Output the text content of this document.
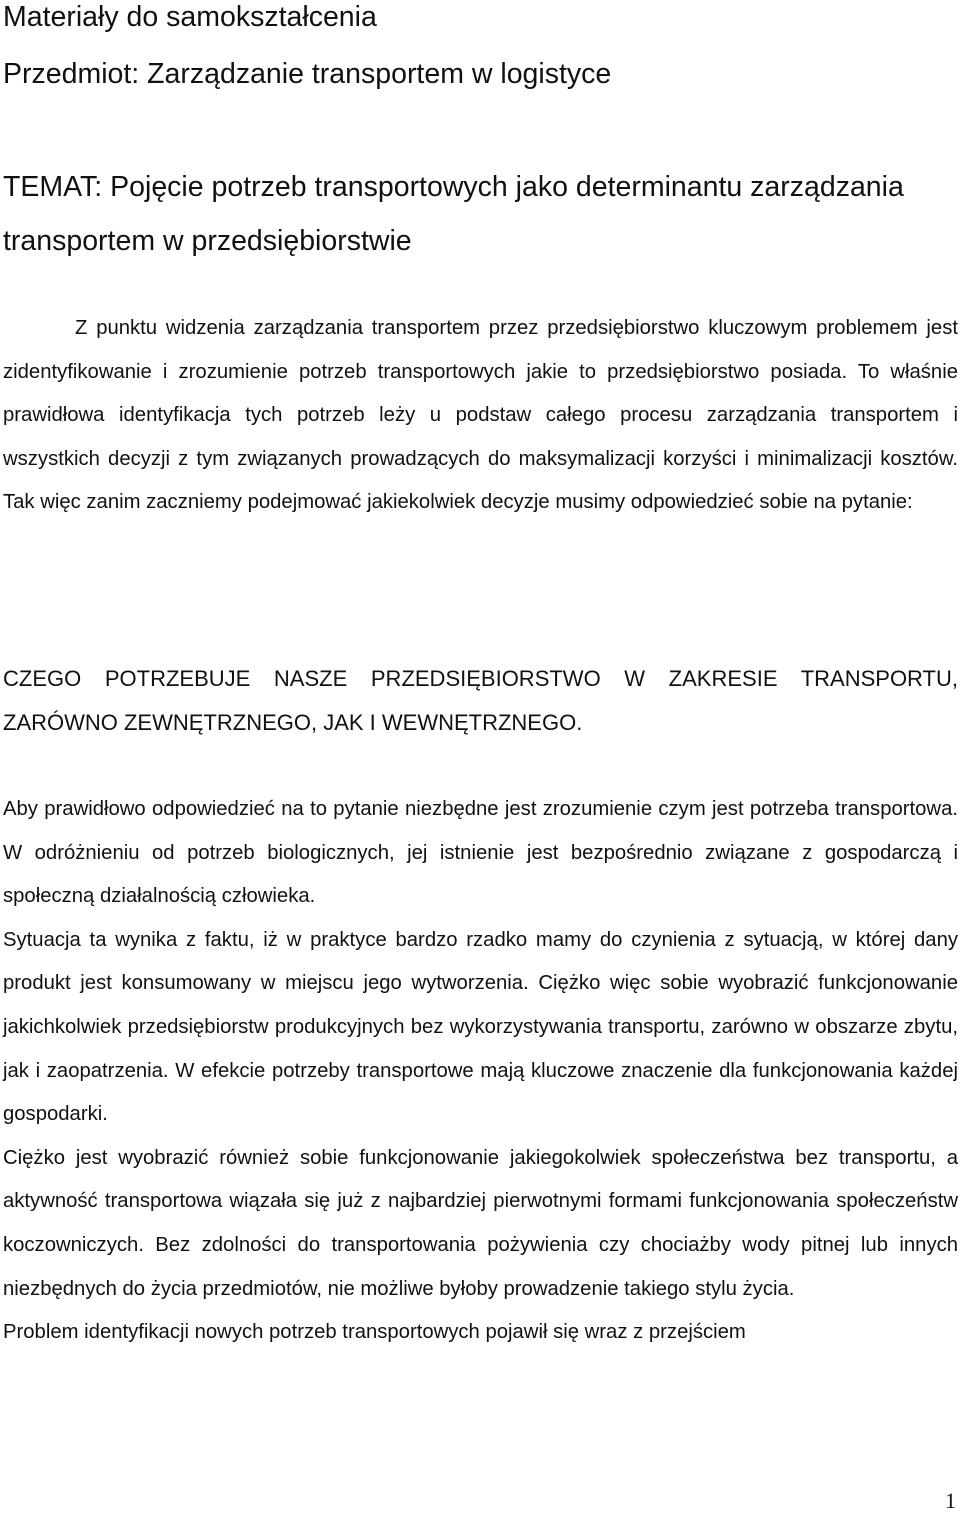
Materiały do samokształcenia
Przedmiot: Zarządzanie transportem w logistyce
TEMAT: Pojęcie potrzeb transportowych jako determinantu zarządzania transportem w przedsiębiorstwie

Z punktu widzenia zarządzania transportem przez przedsiębiorstwo kluczowym problemem jest zidentyfikowanie i zrozumienie potrzeb transportowych jakie to przedsiębiorstwo posiada. To właśnie prawidłowa identyfikacja tych potrzeb leży u podstaw całego procesu zarządzania transportem i wszystkich decyzji z tym związanych prowadzących do maksymalizacji korzyści i minimalizacji kosztów. Tak więc zanim zaczniemy podejmować jakiekolwiek decyzje musimy odpowiedzieć sobie na pytanie:

CZEGO POTRZEBUJE NASZE PRZEDSIĘBIORSTWO W ZAKRESIE TRANSPORTU, ZARÓWNO ZEWNĘTRZNEGO, JAK I WEWNĘTRZNEGO.

Aby prawidłowo odpowiedzieć na to pytanie niezbędne jest zrozumienie czym jest potrzeba transportowa. W odróżnieniu od potrzeb biologicznych, jej istnienie jest bezpośrednio związane z gospodarczą i społeczną działalnością człowieka.

Sytuacja ta wynika z faktu, iż w praktyce bardzo rzadko mamy do czynienia z sytuacją, w której dany produkt jest konsumowany w miejscu jego wytworzenia. Ciężko więc sobie wyobrazić funkcjonowanie jakichkolwiek przedsiębiorstw produkcyjnych bez wykorzystywania transportu, zarówno w obszarze zbytu, jak i zaopatrzenia. W efekcie potrzeby transportowe mają kluczowe znaczenie dla funkcjonowania każdej gospodarki.

Ciężko jest wyobrazić również sobie funkcjonowanie jakiegokolwiek społeczeństwa bez transportu, a aktywność transportowa wiązała się już z najbardziej pierwotnymi formami funkcjonowania społeczeństw koczowniczych. Bez zdolności do transportowania pożywienia czy chociażby wody pitnej lub innych niezbędnych do życia przedmiotów, nie możliwe byłoby prowadzenie takiego stylu życia.

Problem identyfikacji nowych potrzeb transportowych pojawił się wraz z przejściem

1
